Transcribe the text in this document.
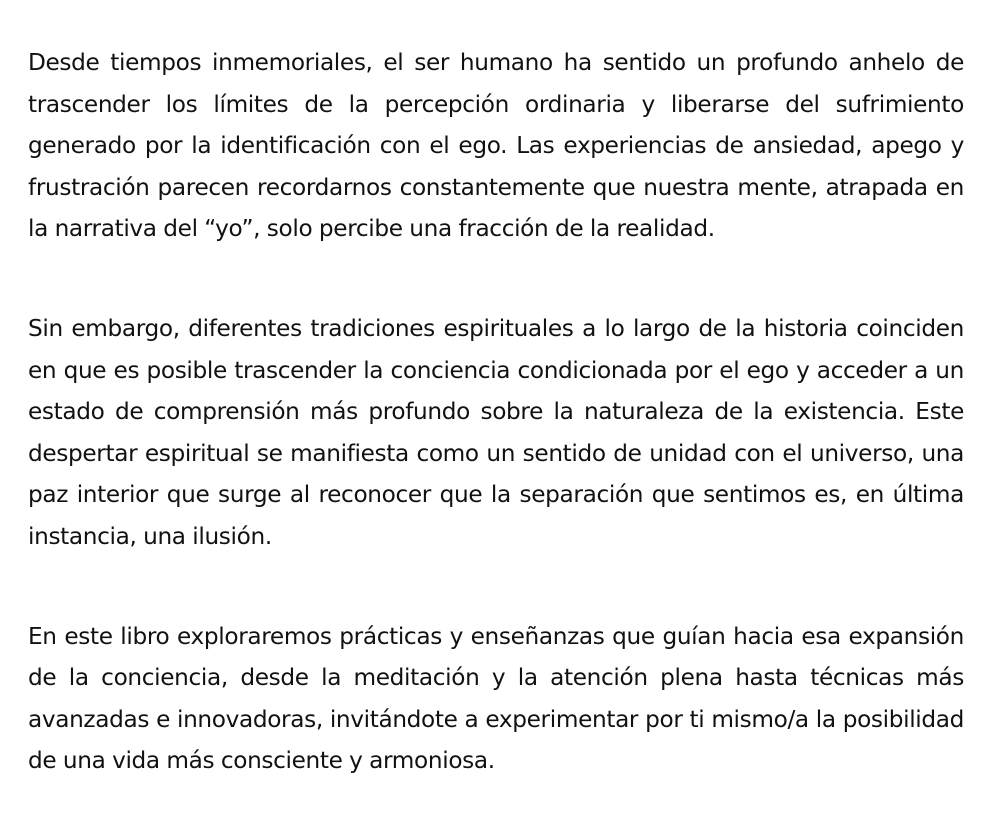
Desde tiempos inmemoriales, el ser humano ha sentido un profundo anhelo de trascender los límites de la percepción ordinaria y liberarse del sufrimiento generado por la identificación con el ego. Las experiencias de ansiedad, apego y frustración parecen recordarnos constantemente que nuestra mente, atrapada en la narrativa del “yo”, solo percibe una fracción de la realidad.

Sin embargo, diferentes tradiciones espirituales a lo largo de la historia coinciden en que es posible trascender la conciencia condicionada por el ego y acceder a un estado de comprensión más profundo sobre la naturaleza de la existencia. Este despertar espiritual se manifiesta como un sentido de unidad con el universo, una paz interior que surge al reconocer que la separación que sentimos es, en última instancia, una ilusión.

En este libro exploraremos prácticas y enseñanzas que guían hacia esa expansión de la conciencia, desde la meditación y la atención plena hasta técnicas más avanzadas e innovadoras, invitándote a experimentar por ti mismo/a la posibilidad de una vida más consciente y armoniosa.
